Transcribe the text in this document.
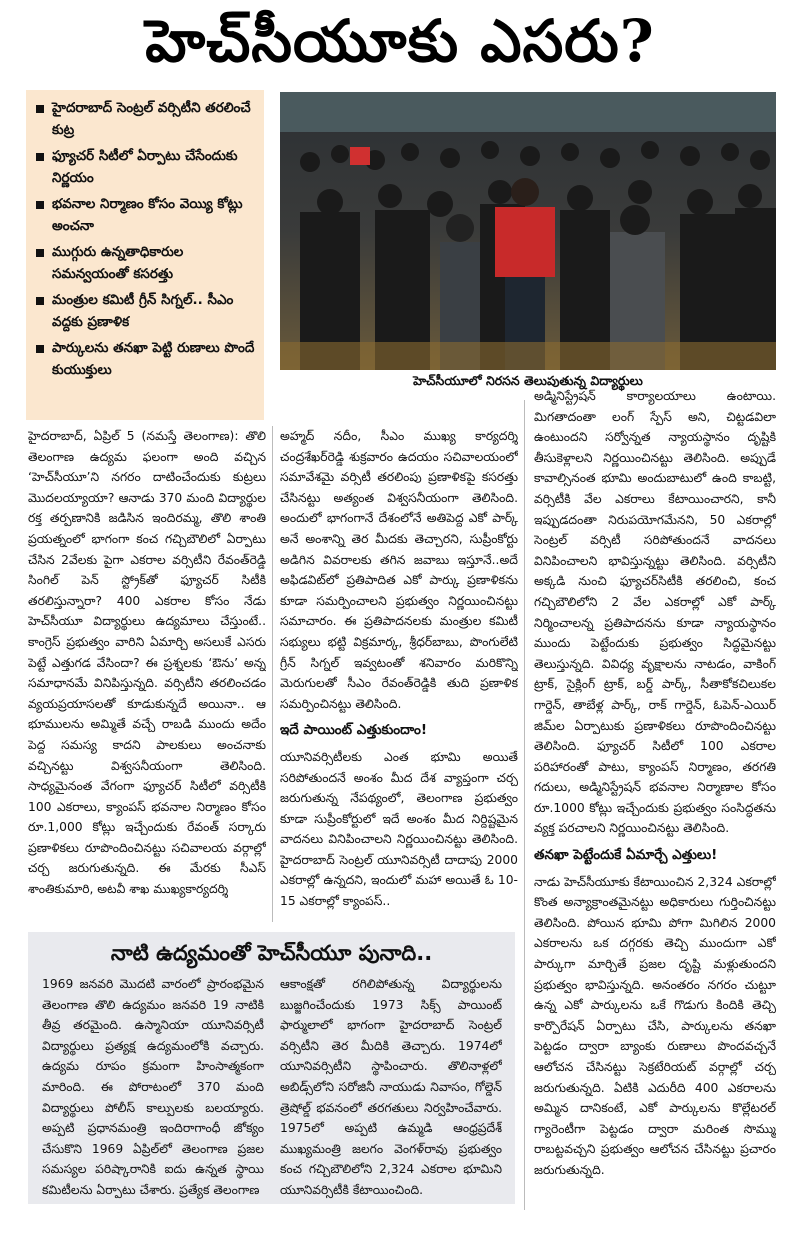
హెచ్‌సీయూకు ఎసరు?
హైదరాబాద్ సెంట్రల్ వర్సిటీని తరలించే కుట్ర
ఫ్యూచర్ సిటీలో ఏర్పాటు చేసేందుకు నిర్ణయం
భవనాల నిర్మాణం కోసం వెయ్యి కోట్లు అంచనా
ముగ్గురు ఉన్నతాధికారుల సమన్వయంతో కసరత్తు
మంత్రుల కమిటీ గ్రీన్ సిగ్నల్.. సీఎం వద్దకు ప్రణాళిక
పార్కులను తనఖా పెట్టి రుణాలు పొందే కుయుక్తులు
హెచ్‌సీయూలో నిరసన తెలుపుతున్న విద్యార్థులు

హైదరాబాద్, ఏప్రిల్ 5 (నమస్తే తెలంగాణ): తొలి తెలంగాణ ఉద్యమ ఫలంగా అంది వచ్చిన ‘హెచ్‌సీయూ’ని నగరం దాటించేందుకు కుట్రలు మొదలయ్యాయా? ఆనాడు 370 మంది విద్యార్థుల రక్త తర్పణానికి జడిసిన ఇందిరమ్మ, తొలి శాంతి ప్రయత్నంలో భాగంగా కంచ గచ్చిబౌలిలో ఏర్పాటు చేసిన 2వేలకు పైగా ఎకరాల వర్సిటీని రేవంత్‌రెడ్డి సింగిల్ పెన్ స్ట్రోక్‌తో ఫ్యూచర్ సిటీకి తరలిస్తున్నారా? 400 ఎకరాల కోసం నేడు హెచ్‌సీయూ విద్యార్థులు ఉద్యమాలు చేస్తుంటే.. కాంగ్రెస్ ప్రభుత్వం వారిని ఏమార్చి అసలుకే ఎసరు పెట్టే ఎత్తుగడ వేసిందా? ఈ ప్రశ్నలకు ‘ఔను’ అన్న సమాధానమే వినిపిస్తున్నది. వర్సిటీని తరలించడం వ్యయప్రయాసలతో కూడుకున్నదే అయినా.. ఆ భూములను అమ్మితే వచ్చే రాబడి ముందు అదేం పెద్ద సమస్య కాదని పాలకులు అంచనాకు వచ్చినట్టు విశ్వసనీయంగా తెలిసింది. సాధ్యమైనంత వేగంగా ఫ్యూచర్ సిటీలో వర్సిటీకి 100 ఎకరాలు, క్యాంపస్ భవనాల నిర్మాణం కోసం రూ.1,000 కోట్లు ఇచ్చేందుకు రేవంత్ సర్కారు ప్రణాళికలు రూపొందించినట్టు సచివాలయ వర్గాల్లో చర్చ జరుగుతున్నది. ఈ మేరకు సీఎస్ శాంతికుమారి, అటవీ శాఖ ముఖ్యకార్యదర్శి

అహ్మద్ నదీం, సీఎం ముఖ్య కార్యదర్శి చంద్రశేఖర్‌రెడ్డి శుక్రవారం ఉదయం సచివాలయంలో సమావేశమై వర్సిటీ తరలింపు ప్రణాళికపై కసరత్తు చేసినట్టు అత్యంత విశ్వసనీయంగా తెలిసింది. అందులో భాగంగానే దేశంలోనే అతిపెద్ద ఎకో పార్క్ అనే అంశాన్ని తెర మీదకు తెచ్చారని, సుప్రీంకోర్టు అడిగిన వివరాలకు తగిన జవాబు ఇస్తూనే..అదే అఫిడవిట్‌లో ప్రతిపాదిత ఎకో పార్కు ప్రణాళికను కూడా సమర్పించాలని ప్రభుత్వం నిర్ణయించినట్టు సమాచారం. ఈ ప్రతిపాదనలకు మంత్రుల కమిటీ సభ్యులు భట్టి విక్రమార్క, శ్రీధర్‌బాబు, పొంగులేటి గ్రీన్ సిగ్నల్ ఇవ్వటంతో శనివారం మరికొన్ని మెరుగులతో సీఎం రేవంత్‌రెడ్డికి తుది ప్రణాళిక సమర్పించినట్టు తెలిసింది.

ఇదే పాయింట్ ఎత్తుకుందాం!

యూనివర్సిటీలకు ఎంత భూమి అయితే సరిపోతుందనే అంశం మీద దేశ వ్యాప్తంగా చర్చ జరుగుతున్న నేపథ్యంలో, తెలంగాణ ప్రభుత్వం కూడా సుప్రీంకోర్టులో ఇదే అంశం మీద నిర్దిష్టమైన వాదనలు వినిపించాలని నిర్ణయించినట్టు తెలిసింది. హైదరాబాద్ సెంట్రల్ యూనివర్సిటీ దాదాపు 2000 ఎకరాల్లో ఉన్నదని, ఇందులో మహా అయితే ఓ 10-15 ఎకరాల్లో క్యాంపస్..

అడ్మినిస్ట్రేషన్ కార్యాలయాలు ఉంటాయి. మిగతాదంతా లంగ్ స్పేస్ అని, చిట్టడవిలా ఉంటుందని సర్వోన్నత న్యాయస్థానం దృష్టికి తీసుకెళ్లాలని నిర్ణయించినట్టు తెలిసింది. అప్పుడే కావాల్సినంత భూమి అందుబాటులో ఉంది కాబట్టి, వర్సిటీకి వేల ఎకరాలు కేటాయించారని, కానీ ఇప్పుడదంతా నిరుపయోగమేనని, 50 ఎకరాల్లో సెంట్రల్ వర్సిటీ సరిపోతుందనే వాదనలు వినిపించాలని భావిస్తున్నట్టు తెలిసింది. వర్సిటీని అక్కడి నుంచి ఫ్యూచర్‌సిటీకి తరలించి, కంచ గచ్చిబౌలిలోని 2 వేల ఎకరాల్లో ఎకో పార్క్ నిర్మించాలన్న ప్రతిపాదనను కూడా న్యాయస్థానం ముందు పెట్టేందుకు ప్రభుత్వం సిద్ధమైనట్టు తెలుస్తున్నది. వివిధ్య వృక్షాలను నాటడం, వాకింగ్ ట్రాక్, సైక్లింగ్ ట్రాక్, బర్డ్ పార్క్, సీతాకోకచిలుకల గార్డెన్, తాబేళ్ల పార్క్, రాక్ గార్డెన్, ఓపెన్-ఎయిర్ జిమ్‌ల ఏర్పాటుకు ప్రణాళికలు రూపొందించినట్టు తెలిసింది. ఫ్యూచర్ సిటీలో 100 ఎకరాల పరిహారంతో పాటు, క్యాంపస్ నిర్మాణం, తరగతి గదులు, అడ్మినిస్ట్రేషన్ భవనాల నిర్మాణాల కోసం రూ.1000 కోట్లు ఇచ్చేందుకు ప్రభుత్వం సంసిద్ధతను వ్యక్త పరచాలని నిర్ణయించినట్టు తెలిసింది.

తనఖా పెట్టేందుకే ఏమార్చే ఎత్తులు!

నాడు హెచ్‌సీయూకు కేటాయించిన 2,324 ఎకరాల్లో కొంత అన్యాక్రాంతమైనట్టు అధికారులు గుర్తించినట్టు తెలిసింది. పోయిన భూమి పోగా మిగిలిన 2000 ఎకరాలను ఒక దగ్గరకు తెచ్చి ముందుగా ఎకో పార్కుగా మార్చితే ప్రజల దృష్టి మళ్లుతుందని ప్రభుత్వం భావిస్తున్నది. అనంతరం నగరం చుట్టూ ఉన్న ఎకో పార్కులను ఒకే గొడుగు కిందికి తెచ్చి కార్పొరేషన్ ఏర్పాటు చేసి, పార్కులను తనఖా పెట్టడం ద్వారా బ్యాంకు రుణాలు పొందవచ్చనే ఆలోచన చేసినట్టు సెక్రటేరియట్ వర్గాల్లో చర్చ జరుగుతున్నది. ఏటికి ఎదురీది 400 ఎకరాలను అమ్మిన దానికంటే, ఎకో పార్కులను కొల్లేటరల్ గ్యారెంటీగా పెట్టడం ద్వారా మరింత సొమ్ము రాబట్టవచ్చని ప్రభుత్వం ఆలోచన చేసినట్టు ప్రచారం జరుగుతున్నది.

నాటి ఉద్యమంతో హెచ్‌సీయూ పునాది..
1969 జనవరి మొదటి వారంలో ప్రారంభమైన తెలంగాణ తొలి ఉద్యమం జనవరి 19 నాటికి తీవ్ర తరమైంది. ఉస్మానియా యూనివర్సిటీ విద్యార్థులు ప్రత్యక్ష ఉద్యమంలోకి వచ్చారు. ఉద్యమ రూపం క్రమంగా హింసాత్మకంగా మారింది. ఈ పోరాటంలో 370 మంది విద్యార్థులు పోలీస్ కాల్పులకు బలయ్యారు. అప్పటి ప్రధానమంత్రి ఇందిరాగాంధీ జోక్యం చేసుకొని 1969 ఏప్రిల్‌లో తెలంగాణ ప్రజల సమస్యల పరిష్కారానికి ఐదు ఉన్నత స్థాయి కమిటీలను ఏర్పాటు చేశారు. ప్రత్యేక తెలంగాణ
ఆకాంక్షతో రగిలిపోతున్న విద్యార్థులను బుజ్జగించేందుకు 1973 సిక్స్ పాయింట్ ఫార్ములాలో భాగంగా హైదరాబాద్ సెంట్రల్ వర్సిటీని తెర మీదికి తెచ్చారు. 1974లో యూనివర్సిటీని స్థాపించారు. తొలినాళ్లలో అబిడ్స్‌లోని సరోజినీ నాయుడు నివాసం, గోల్డెన్ త్రెషోల్డ్ భవనంలో తరగతులు నిర్వహించేవారు. 1975లో అప్పటి ఉమ్మడి ఆంధ్రప్రదేశ్ ముఖ్యమంత్రి జలగం వెంగళ్‌రావు ప్రభుత్వం కంచ గచ్చిబౌలిలోని 2,324 ఎకరాల భూమిని యూనివర్సిటీకి కేటాయించింది.
